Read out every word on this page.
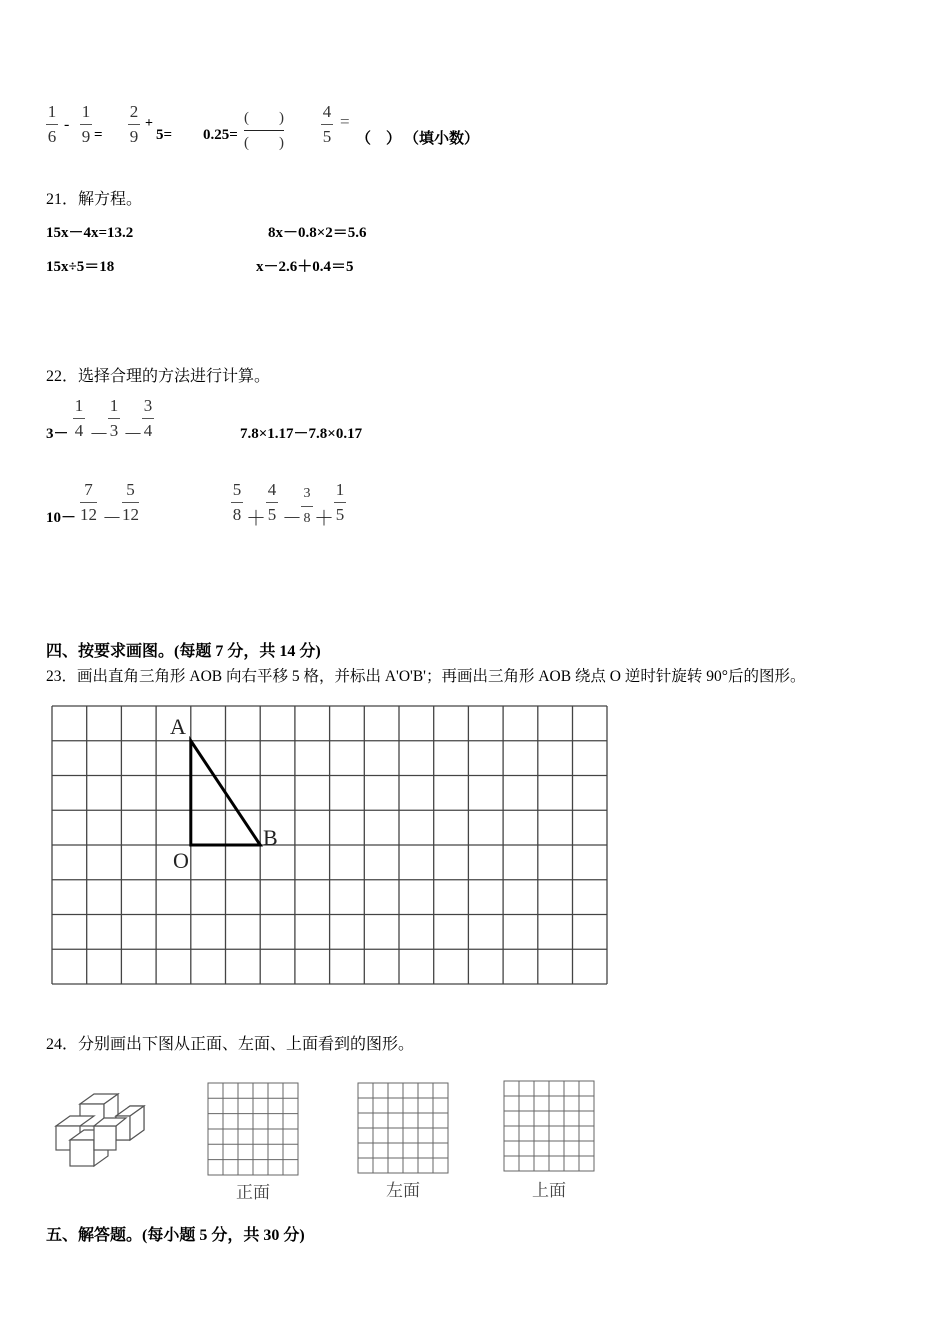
1
6
-
1
9 =
2
9
+
5= 0.25=
(        )
(        )
4
5
=
（    ） （填小数）
21．解方程。
15x－4x=13.2	8x－0.8×2＝5.6
15x÷5＝18	x－2.6＋0.4＝5
22．选择合理的方法进行计算。
3－
1
4 －
1
3 －
3
4	7.8×1.17－7.8×0.17
10－
7
12 －
5
12
5
8 ＋
4
5 －
3
8 ＋
1
5
四、按要求画图。(每题 7 分，共 14 分)
23．画出直角三角形 AOB 向右平移 5 格，并标出 A'O'B'；再画出三角形 AOB 绕点 O 逆时针旋转 90°后的图形。
A
O
B
24．分别画出下图从正面、左面、上面看到的图形。
正面	左面	上面
五、解答题。(每小题 5 分，共 30 分)
